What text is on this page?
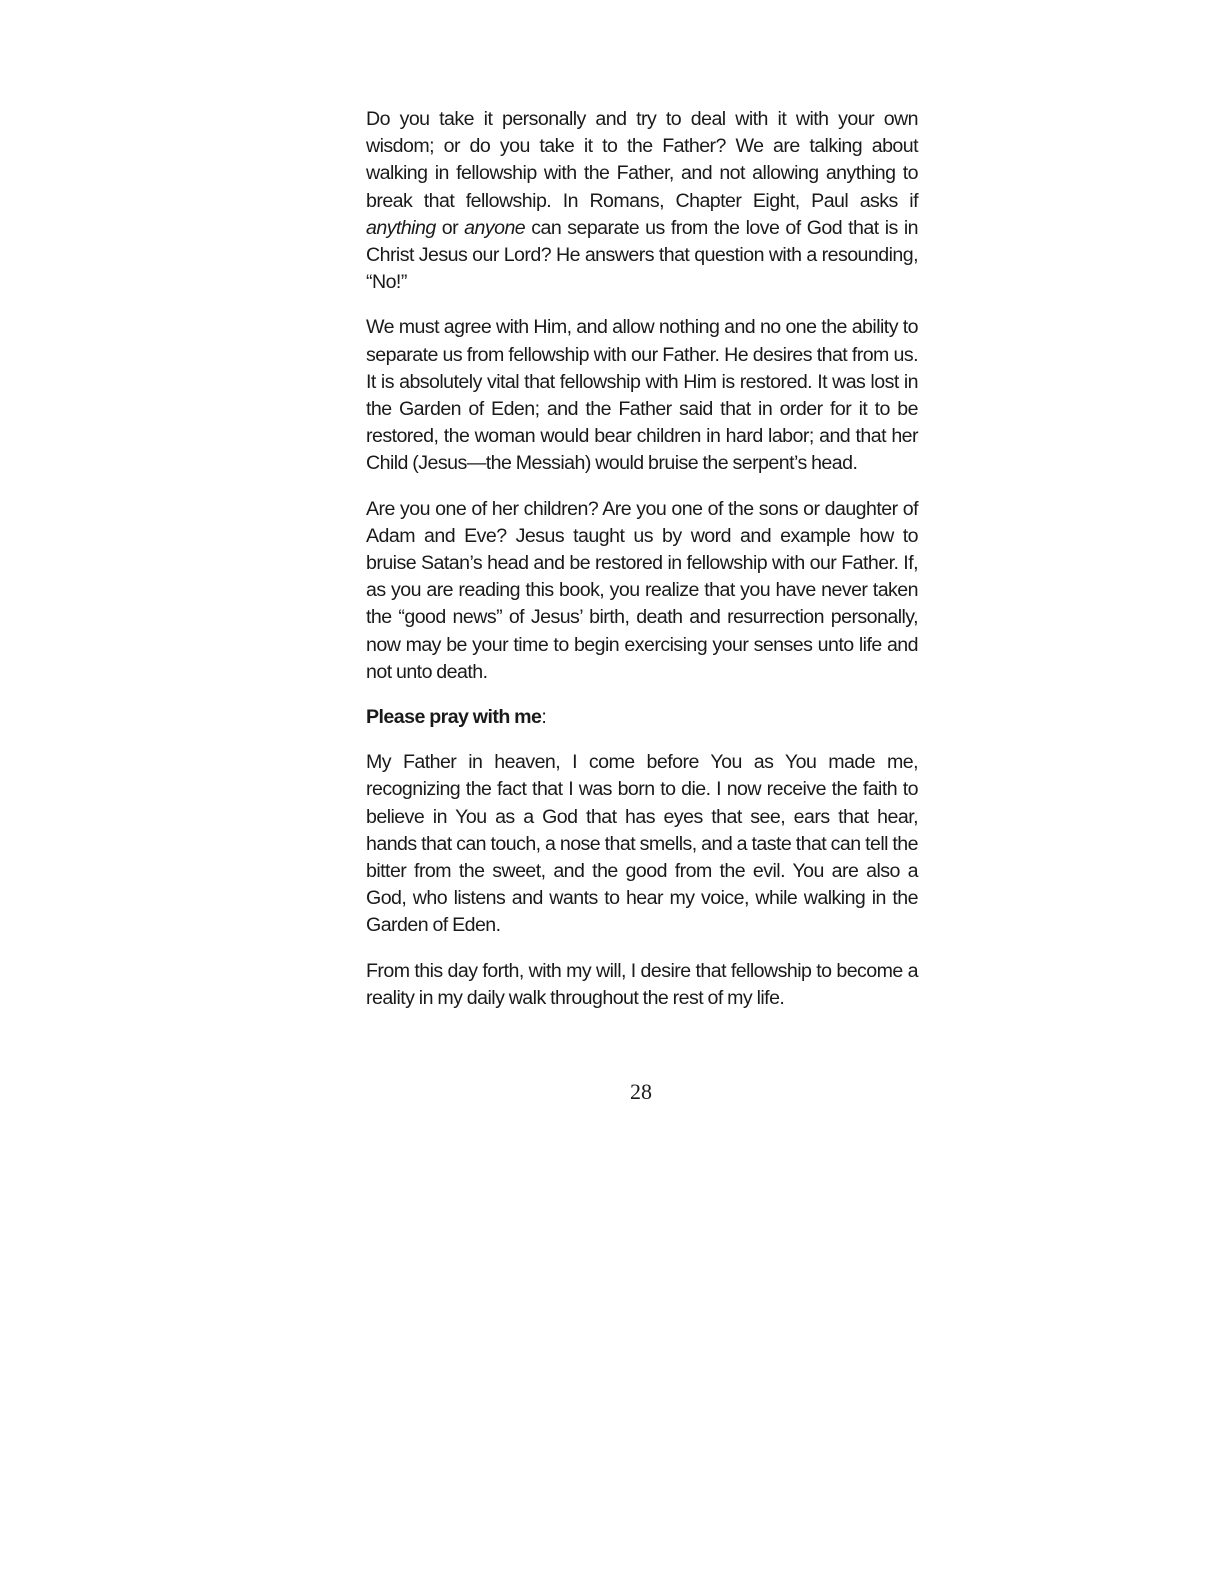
Do you take it personally and try to deal with it with your own wisdom; or do you take it to the Father? We are talking about walking in fellowship with the Father, and not allowing anything to break that fellowship. In Romans, Chapter Eight, Paul asks if anything or anyone can separate us from the love of God that is in Christ Jesus our Lord? He answers that question with a resounding, “No!”

We must agree with Him, and allow nothing and no one the ability to separate us from fellowship with our Father. He desires that from us. It is absolutely vital that fellowship with Him is restored. It was lost in the Garden of Eden; and the Father said that in order for it to be restored, the woman would bear children in hard labor; and that her Child (Jesus—the Messiah) would bruise the serpent’s head.

Are you one of her children? Are you one of the sons or daughter of Adam and Eve? Jesus taught us by word and example how to bruise Satan’s head and be restored in fellowship with our Father. If, as you are reading this book, you realize that you have never taken the “good news” of Jesus’ birth, death and resurrection personally, now may be your time to begin exercising your senses unto life and not unto death.

Please pray with me:

My Father in heaven, I come before You as You made me, recognizing the fact that I was born to die. I now receive the faith to believe in You as a God that has eyes that see, ears that hear, hands that can touch, a nose that smells, and a taste that can tell the bitter from the sweet, and the good from the evil. You are also a God, who listens and wants to hear my voice, while walking in the Garden of Eden.

From this day forth, with my will, I desire that fellowship to become a reality in my daily walk throughout the rest of my life.

28
